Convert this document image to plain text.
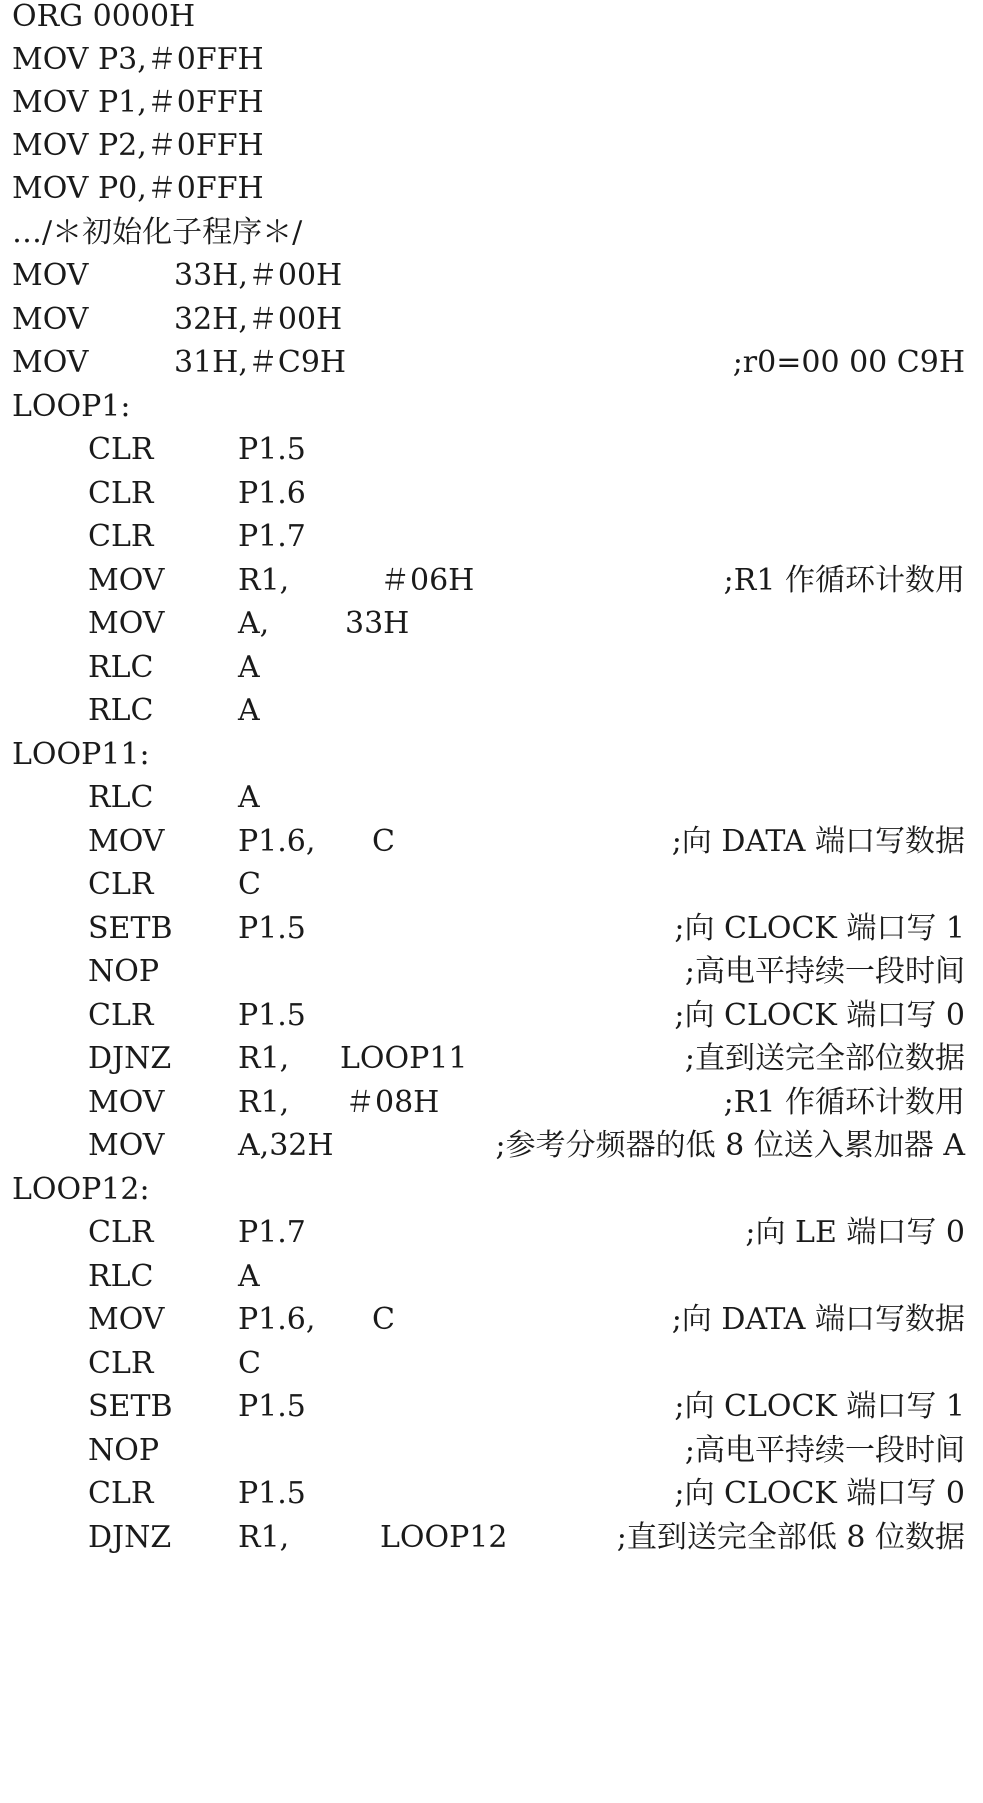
ORG 0000H
MOV P3,＃0FFH
MOV P1,＃0FFH
MOV P2,＃0FFH
MOV P0,＃0FFH
…/＊初始化子程序＊/
MOV	33H,＃00H
MOV	32H,＃00H
MOV	31H,＃C9H	;r0=00 00 C9H
LOOP1:
CLR	P1.5
CLR	P1.6
CLR	P1.7
MOV R1,	＃06H	;R1 作循环计数用
MOV A,	33H
RLC	A
RLC	A
LOOP11:
RLC	A
MOV P1.6, C	;向 DATA 端口写数据
CLR	C
SETB P1.5	;向 CLOCK 端口写 1
NOP	;高电平持续一段时间
CLR	P1.5	;向 CLOCK 端口写 0
DJNZ R1, LOOP11	;直到送完全部位数据
MOV R1, ＃08H	;R1 作循环计数用
MOV A,32H	;参考分频器的低 8 位送入累加器 A
LOOP12:
CLR	P1.7	;向 LE 端口写 0
RLC	A
MOV P1.6, C	;向 DATA 端口写数据
CLR	C
SETB P1.5	;向 CLOCK 端口写 1
NOP	;高电平持续一段时间
CLR	P1.5	;向 CLOCK 端口写 0
DJNZ R1,	LOOP12	;直到送完全部低 8 位数据
